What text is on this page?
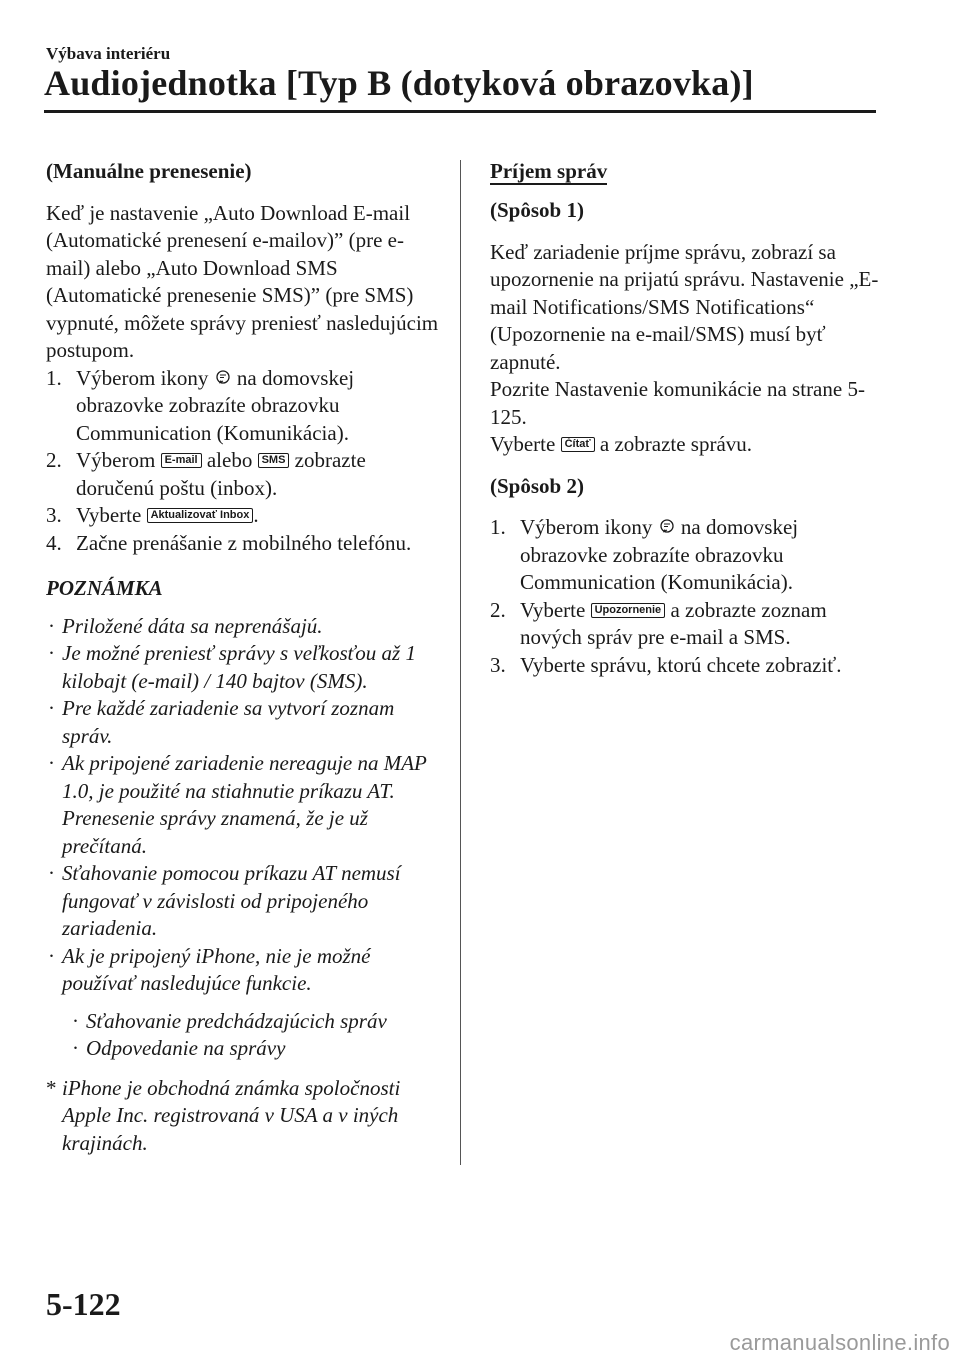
Výbava interiéru
Audiojednotka [Typ B (dotyková obrazovka)]

(Manuálne prenesenie)

Keď je nastavenie „Auto Download E-mail (Automatické prenesení e-mailov)” (pre e-mail) alebo „Auto Download SMS (Automatické prenesenie SMS)” (pre SMS) vypnuté, môžete správy preniesť nasledujúcim postupom.

1. Výberom ikony na domovskej obrazovke zobrazíte obrazovku Communication (Komunikácia).
2. Výberom E-mail alebo SMS zobrazte doručenú poštu (inbox).
3. Vyberte Aktualizovať Inbox .
4. Začne prenášanie z mobilného telefónu.

POZNÁMKA

· Priložené dáta sa neprenášajú.
· Je možné preniesť správy s veľkosťou až 1 kilobajt (e-mail) / 140 bajtov (SMS).
· Pre každé zariadenie sa vytvorí zoznam správ.
· Ak pripojené zariadenie nereaguje na MAP 1.0, je použité na stiahnutie príkazu AT. Prenesenie správy znamená, že je už prečítaná.
· Sťahovanie pomocou príkazu AT nemusí fungovať v závislosti od pripojeného zariadenia.
· Ak je pripojený iPhone, nie je možné používať nasledujúce funkcie.
· Sťahovanie predchádzajúcich správ
· Odpovedanie na správy

* iPhone je obchodná známka spoločnosti Apple Inc. registrovaná v USA a v iných krajinách.

Príjem správ

(Spôsob 1)

Keď zariadenie príjme správu, zobrazí sa upozornenie na prijatú správu. Nastavenie „E-mail Notifications/SMS Notifications“ (Upozornenie na e-mail/SMS) musí byť zapnuté.

Pozrite Nastavenie komunikácie na strane 5-125.

Vyberte Čítať a zobrazte správu.

(Spôsob 2)

1. Výberom ikony na domovskej obrazovke zobrazíte obrazovku Communication (Komunikácia).
2. Vyberte Upozornenie a zobrazte zoznam nových správ pre e-mail a SMS.
3. Vyberte správu, ktorú chcete zobraziť.
5-122
carmanualsonline.info
